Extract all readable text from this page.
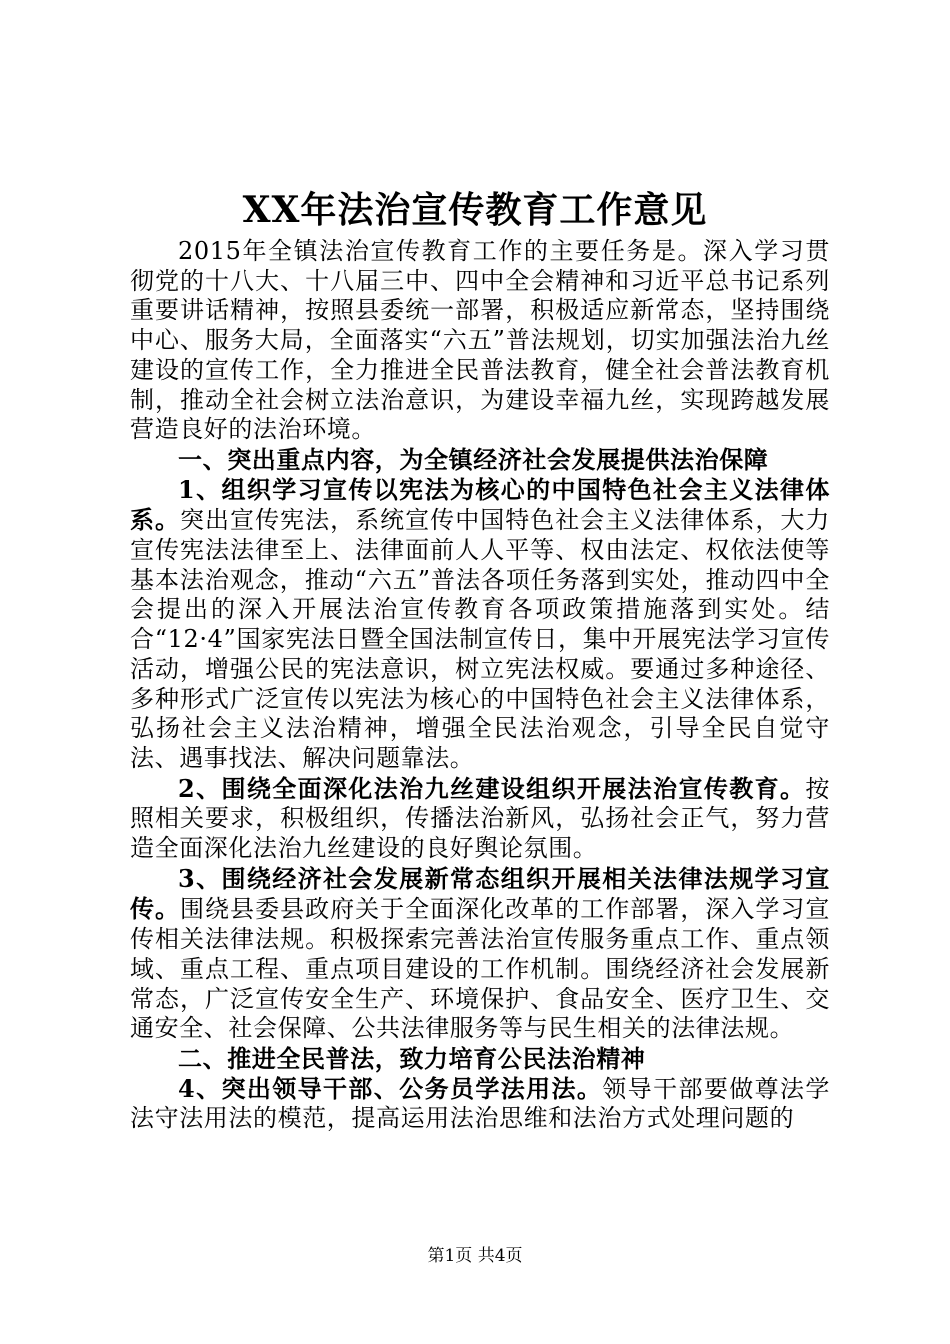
XX年法治宣传教育工作意见

2015年全镇法治宣传教育工作的主要任务是。深入学习贯彻党的十八大、十八届三中、四中全会精神和习近平总书记系列重要讲话精神，按照县委统一部署，积极适应新常态，坚持围绕中心、服务大局，全面落实“六五”普法规划，切实加强法治九丝建设的宣传工作，全力推进全民普法教育，健全社会普法教育机制，推动全社会树立法治意识，为建设幸福九丝，实现跨越发展营造良好的法治环境。

一、突出重点内容，为全镇经济社会发展提供法治保障

1、组织学习宣传以宪法为核心的中国特色社会主义法律体系。突出宣传宪法，系统宣传中国特色社会主义法律体系，大力宣传宪法法律至上、法律面前人人平等、权由法定、权依法使等基本法治观念，推动“六五”普法各项任务落到实处，推动四中全会提出的深入开展法治宣传教育各项政策措施落到实处。结合“12·4”国家宪法日暨全国法制宣传日，集中开展宪法学习宣传活动，增强公民的宪法意识，树立宪法权威。要通过多种途径、多种形式广泛宣传以宪法为核心的中国特色社会主义法律体系，弘扬社会主义法治精神，增强全民法治观念，引导全民自觉守法、遇事找法、解决问题靠法。

2、围绕全面深化法治九丝建设组织开展法治宣传教育。按照相关要求，积极组织，传播法治新风，弘扬社会正气，努力营造全面深化法治九丝建设的良好舆论氛围。

3、围绕经济社会发展新常态组织开展相关法律法规学习宣传。围绕县委县政府关于全面深化改革的工作部署，深入学习宣传相关法律法规。积极探索完善法治宣传服务重点工作、重点领域、重点工程、重点项目建设的工作机制。围绕经济社会发展新常态，广泛宣传安全生产、环境保护、食品安全、医疗卫生、交通安全、社会保障、公共法律服务等与民生相关的法律法规。

二、推进全民普法，致力培育公民法治精神

4、突出领导干部、公务员学法用法。领导干部要做尊法学法守法用法的模范，提高运用法治思维和法治方式处理问题的

第1页 共4页
